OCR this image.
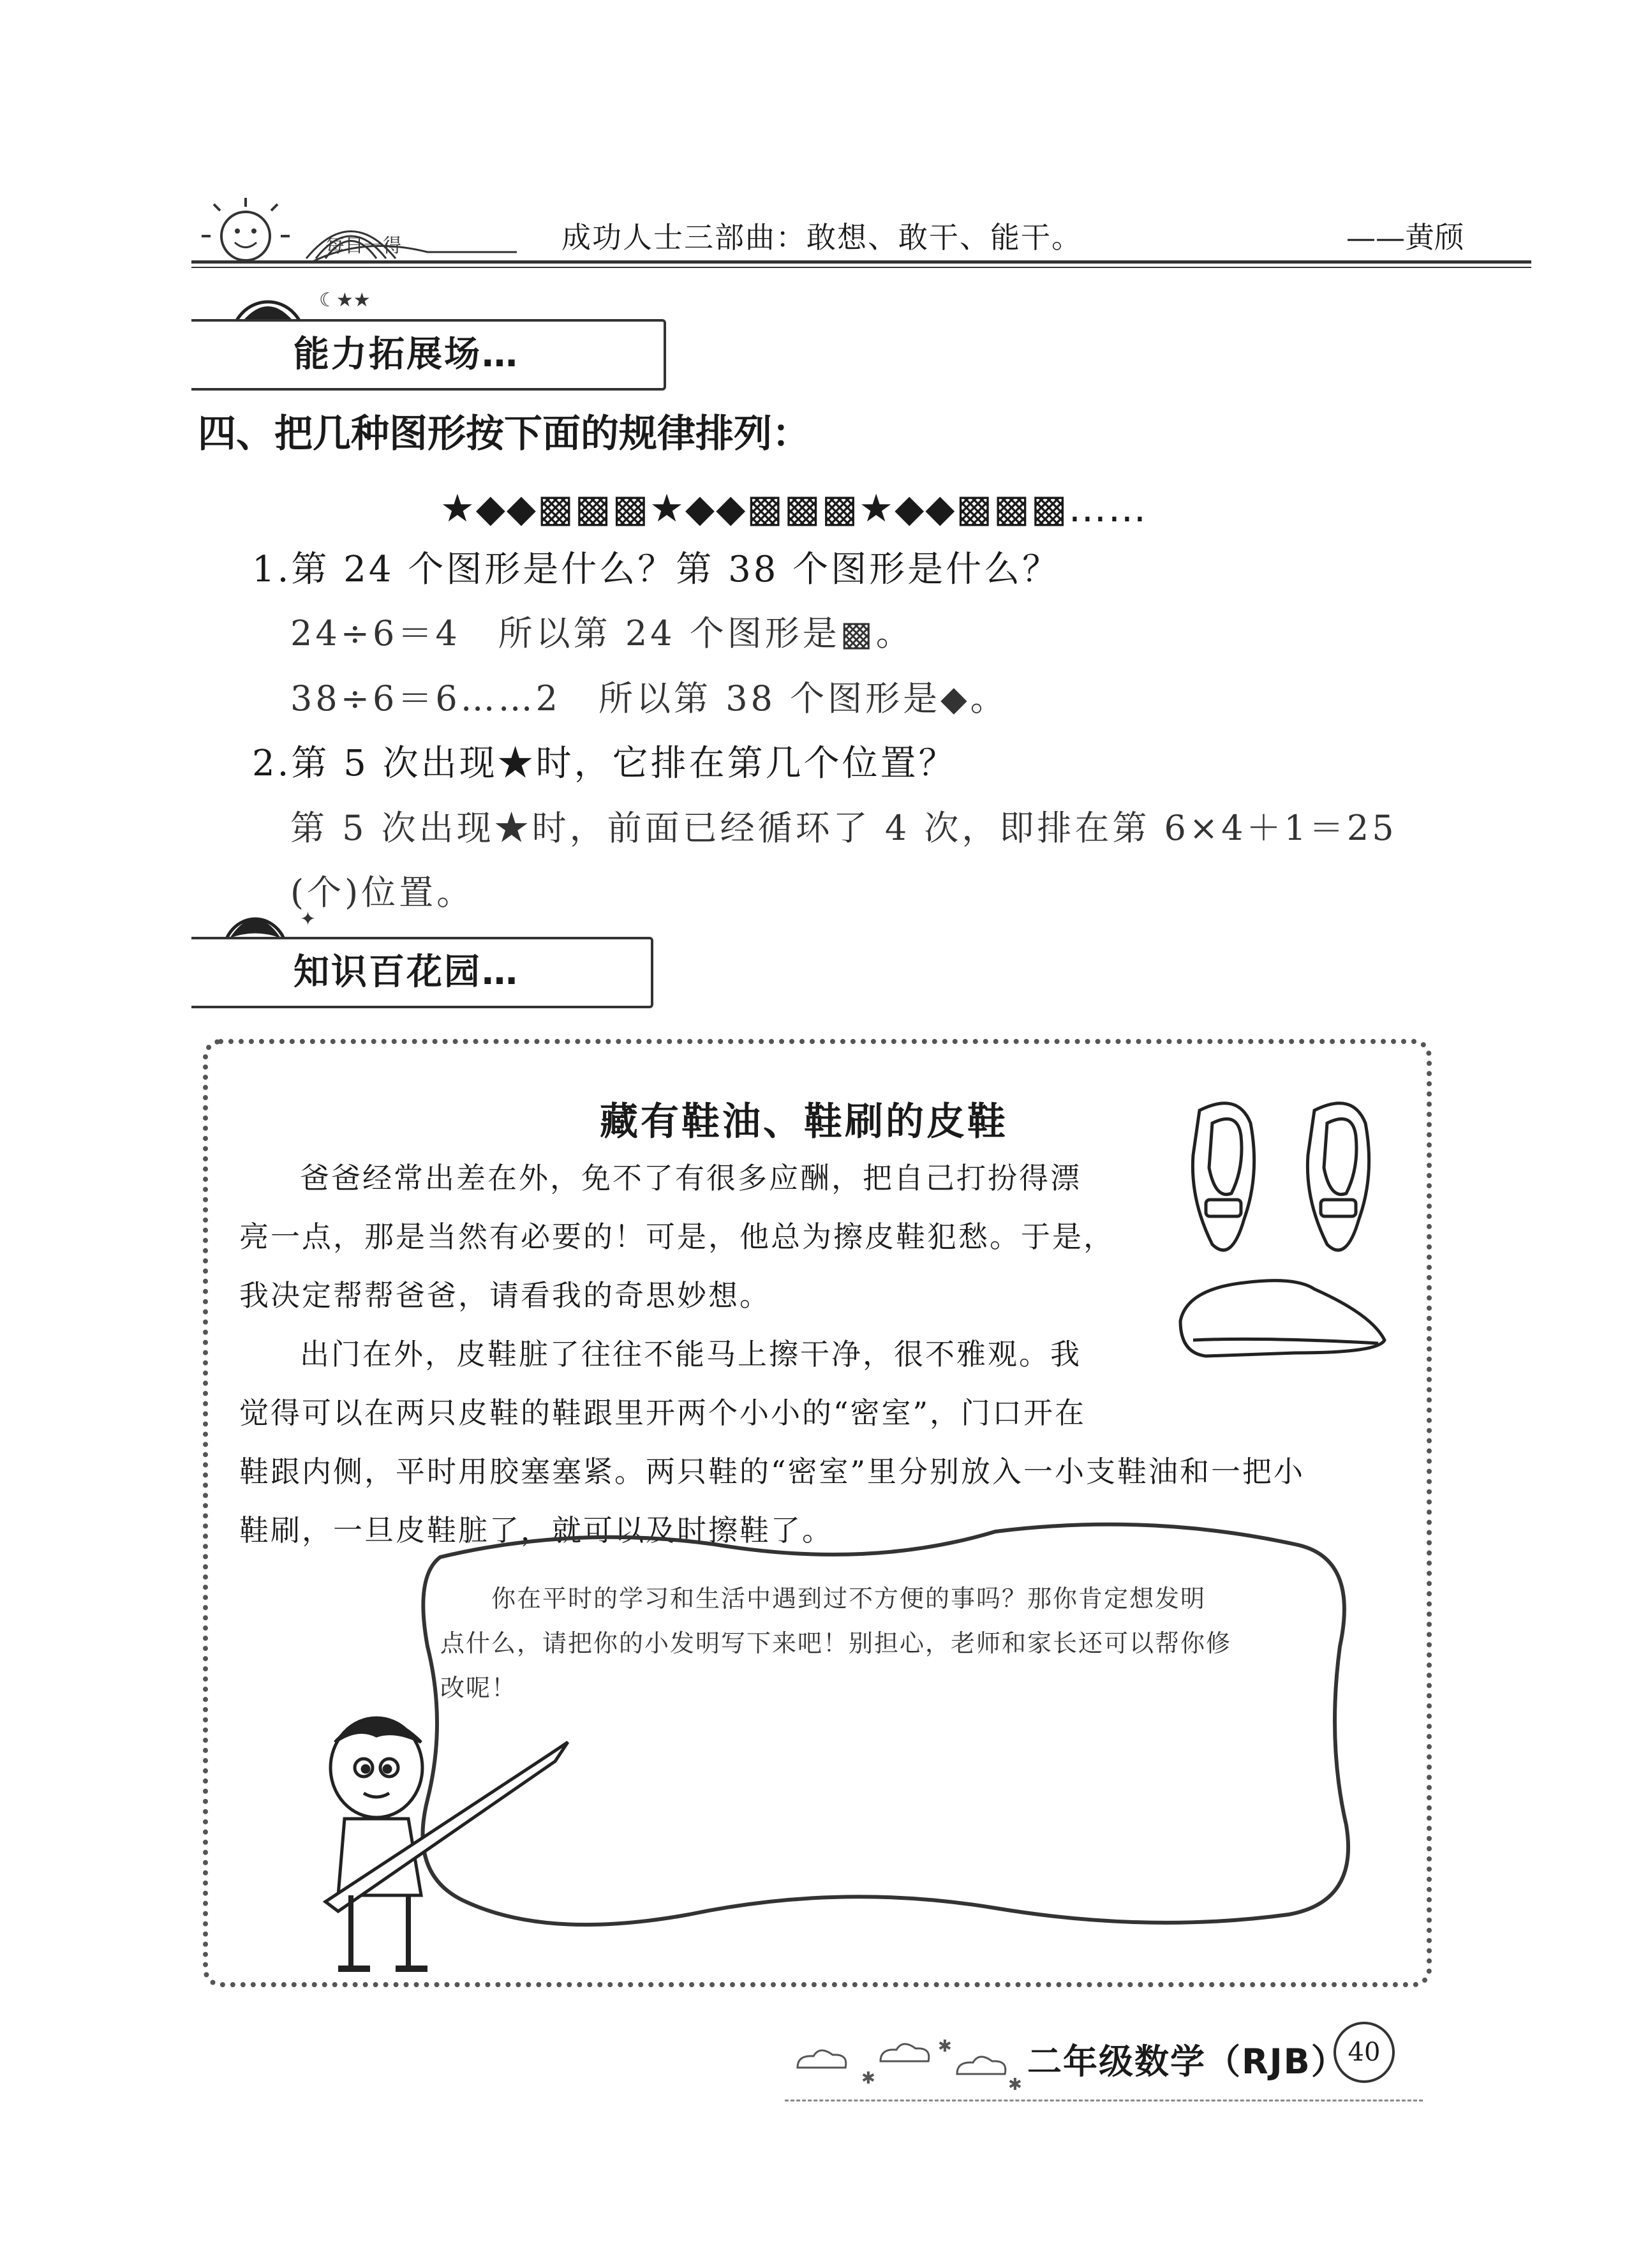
每日一得	成功人士三部曲：敢想、敢干、能干。	——黄颀
☾★★
能力拓展场…
四、把几种图形按下面的规律排列：
★◆◆▩▩▩★◆◆▩▩▩★◆◆▩▩▩……
1.第 24 个图形是什么？第 38 个图形是什么？
24÷6＝4　所以第 24 个图形是▩。
38÷6＝6……2　所以第 38 个图形是◆。
2.第 5 次出现★时，它排在第几个位置？
第 5 次出现★时，前面已经循环了 4 次，即排在第 6×4＋1＝25
(个)位置。
✦
知识百花园…
藏有鞋油、鞋刷的皮鞋
爸爸经常出差在外，免不了有很多应酬，把自己打扮得漂
亮一点，那是当然有必要的！可是，他总为擦皮鞋犯愁。于是，
我决定帮帮爸爸，请看我的奇思妙想。
出门在外，皮鞋脏了往往不能马上擦干净，很不雅观。我
觉得可以在两只皮鞋的鞋跟里开两个小小的“密室”，门口开在
鞋跟内侧，平时用胶塞塞紧。两只鞋的“密室”里分别放入一小支鞋油和一把小
鞋刷，一旦皮鞋脏了，就可以及时擦鞋了。
你在平时的学习和生活中遇到过不方便的事吗？那你肯定想发明
点什么，请把你的小发明写下来吧！别担心，老师和家长还可以帮你修
改呢！
✱
✱
✱
二年级数学（RJB） 40
